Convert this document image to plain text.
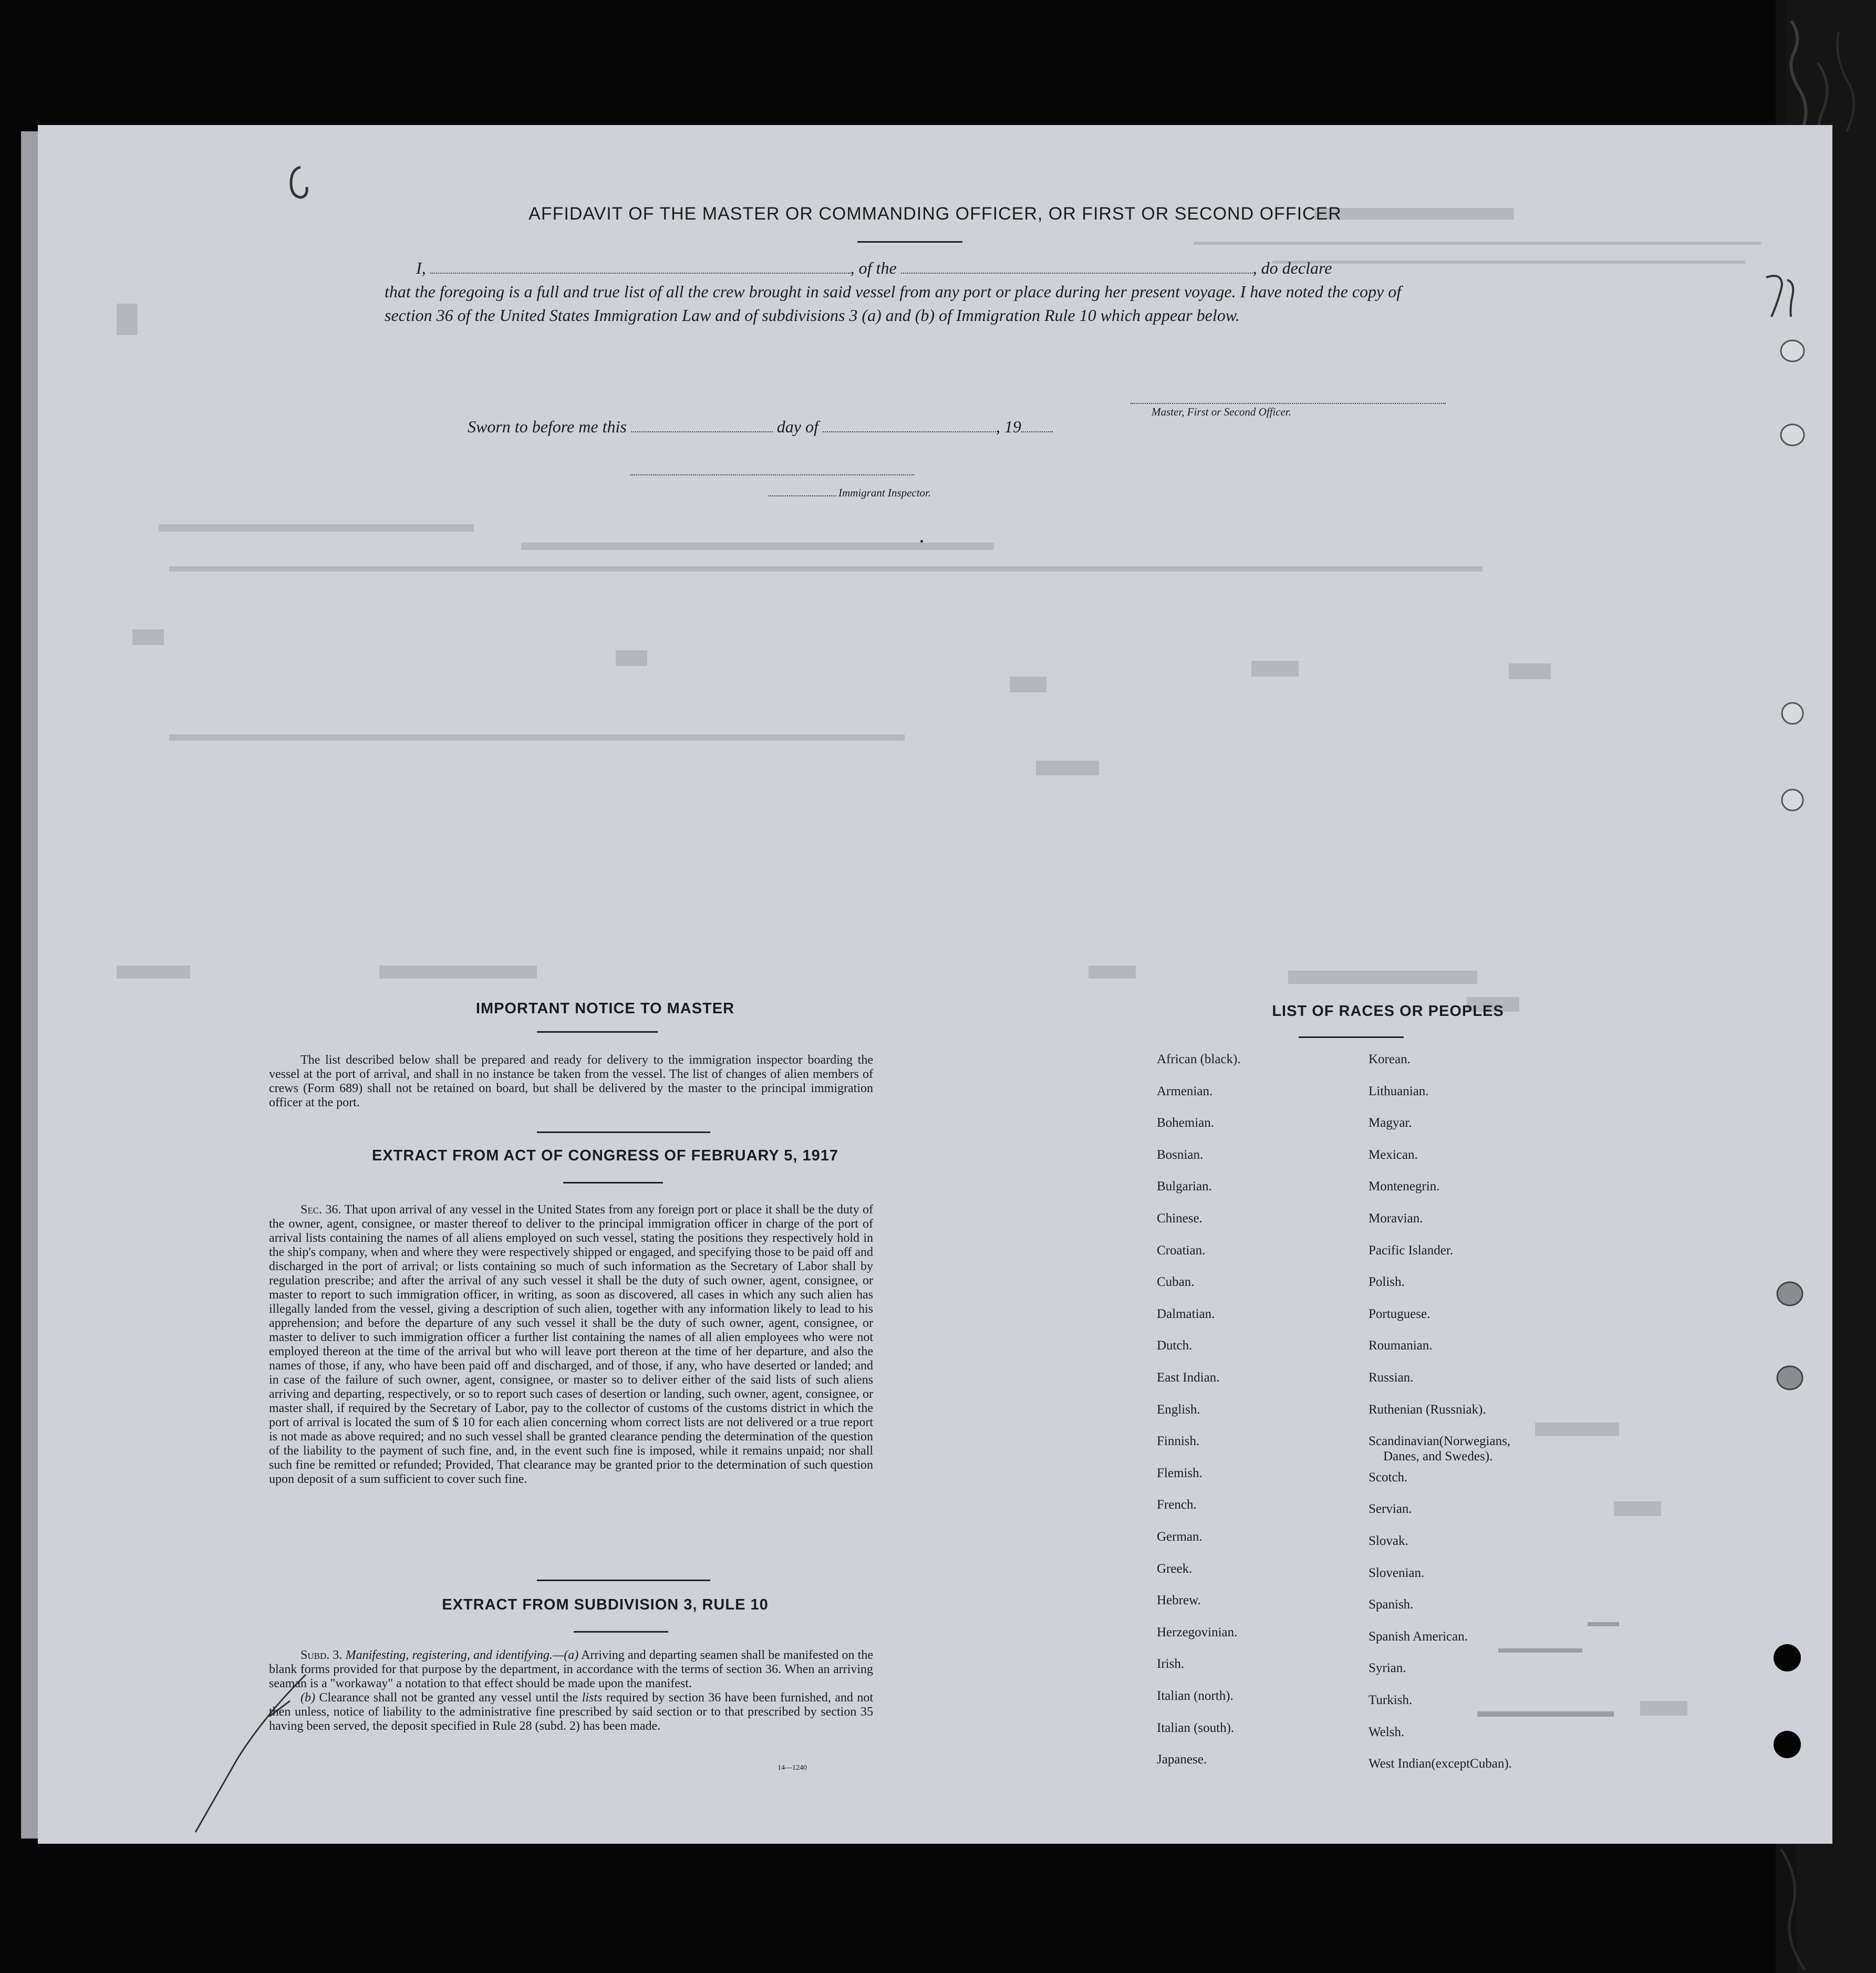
AFFIDAVIT OF THE MASTER OR COMMANDING OFFICER, OR FIRST OR SECOND OFFICER
I,	, of the	, do declare
that the foregoing is a full and true list of all the crew brought in said vessel from any port or place during her present voyage. I have noted the copy of section 36 of the United States Immigration Law and of subdivisions 3 (a) and (b) of Immigration Rule 10 which appear below.
Master, First or Second Officer.
Sworn to before me this	day of	, 19
Immigrant Inspector.
IMPORTANT NOTICE TO MASTER
The list described below shall be prepared and ready for delivery to the immigration inspector boarding the vessel at the port of arrival, and shall in no instance be taken from the vessel. The list of changes of alien members of crews (Form 689) shall not be retained on board, but shall be delivered by the master to the principal immigration officer at the port.
EXTRACT FROM ACT OF CONGRESS OF FEBRUARY 5, 1917
Sec. 36. That upon arrival of any vessel in the United States from any foreign port or place it shall be the duty of the owner, agent, consignee, or master thereof to deliver to the principal immigration officer in charge of the port of arrival lists containing the names of all aliens employed on such vessel, stating the positions they respectively hold in the ship's company, when and where they were respectively shipped or engaged, and specifying those to be paid off and discharged in the port of arrival; or lists containing so much of such information as the Secretary of Labor shall by regulation prescribe; and after the arrival of any such vessel it shall be the duty of such owner, agent, consignee, or master to report to such immigration officer, in writing, as soon as discovered, all cases in which any such alien has illegally landed from the vessel, giving a description of such alien, together with any information likely to lead to his apprehension; and before the departure of any such vessel it shall be the duty of such owner, agent, consignee, or master to deliver to such immigration officer a further list containing the names of all alien employees who were not employed thereon at the time of the arrival but who will leave port thereon at the time of her departure, and also the names of those, if any, who have been paid off and discharged, and of those, if any, who have deserted or landed; and in case of the failure of such owner, agent, consignee, or master so to deliver either of the said lists of such aliens arriving and departing, respectively, or so to report such cases of desertion or landing, such owner, agent, consignee, or master shall, if required by the Secretary of Labor, pay to the collector of customs of the customs district in which the port of arrival is located the sum of $ 10 for each alien concerning whom correct lists are not delivered or a true report is not made as above required; and no such vessel shall be granted clearance pending the determination of the question of the liability to the payment of such fine, and, in the event such fine is imposed, while it remains unpaid; nor shall such fine be remitted or refunded; Provided, That clearance may be granted prior to the determination of such question upon deposit of a sum sufficient to cover such fine.
EXTRACT FROM SUBDIVISION 3, RULE 10
Subd. 3. Manifesting, registering, and identifying.—(a) Arriving and departing seamen shall be manifested on the blank forms provided for that purpose by the department, in accordance with the terms of section 36. When an arriving seaman is a "workaway" a notation to that effect should be made upon the manifest.
(b) Clearance shall not be granted any vessel until the lists required by section 36 have been furnished, and not then unless, notice of liability to the administrative fine prescribed by said section or to that prescribed by section 35 having been served, the deposit specified in Rule 28 (subd. 2) has been made.
14—1240
LIST OF RACES OR PEOPLES
African (black).
Armenian.
Bohemian.
Bosnian.
Bulgarian.
Chinese.
Croatian.
Cuban.
Dalmatian.
Dutch.
East Indian.
English.
Finnish.
Flemish.
French.
German.
Greek.
Hebrew.
Herzegovinian.
Irish.
Italian (north).
Italian (south).
Japanese.
Korean.
Lithuanian.
Magyar.
Mexican.
Montenegrin.
Moravian.
Pacific Islander.
Polish.
Portuguese.
Roumanian.
Russian.
Ruthenian (Russniak).
Scandinavian(Norwegians,
Scotch.
Servian.
Slovak.
Slovenian.
Spanish.
Spanish American.
Syrian.
Turkish.
Welsh.
West Indian(exceptCuban).
Danes, and Swedes).
